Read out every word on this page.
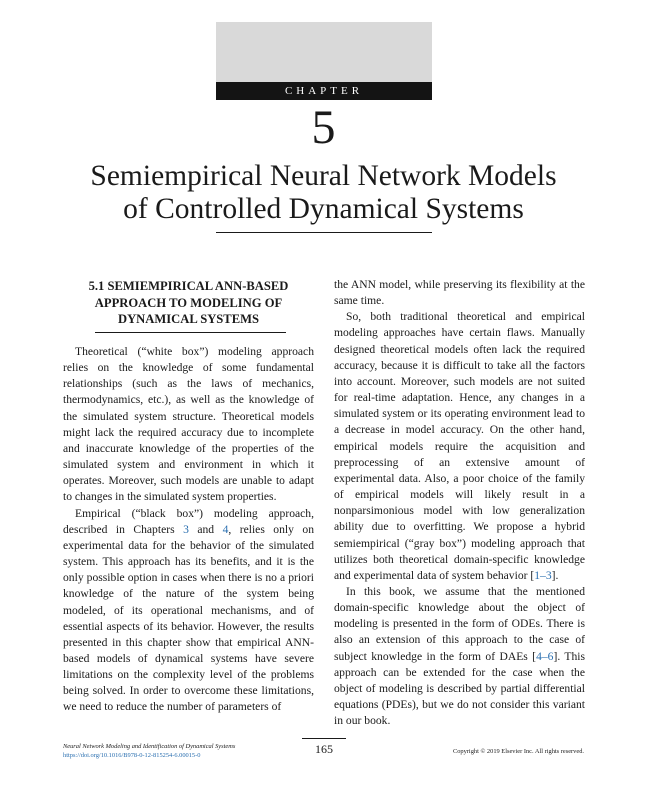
CHAPTER
5
Semiempirical Neural Network Models
of Controlled Dynamical Systems
5.1 SEMIEMPIRICAL ANN-BASED
APPROACH TO MODELING OF
DYNAMICAL SYSTEMS

Theoretical (“white box”) modeling approach relies on the knowledge of some fundamental relationships (such as the laws of mechanics, thermodynamics, etc.), as well as the knowledge of the simulated system structure. Theoretical models might lack the required accuracy due to incomplete and inaccurate knowledge of the properties of the simulated system and environment in which it operates. Moreover, such models are unable to adapt to changes in the simulated system properties.

Empirical (“black box”) modeling approach, described in Chapters 3 and 4, relies only on experimental data for the behavior of the simulated system. This approach has its benefits, and it is the only possible option in cases when there is no a priori knowledge of the nature of the system being modeled, of its operational mechanisms, and of essential aspects of its behavior. However, the results presented in this chapter show that empirical ANN-based models of dynamical systems have severe limitations on the complexity level of the problems being solved. In order to overcome these limitations, we need to reduce the number of parameters of

the ANN model, while preserving its flexibility at the same time.

So, both traditional theoretical and empirical modeling approaches have certain flaws. Manually designed theoretical models often lack the required accuracy, because it is difficult to take all the factors into account. Moreover, such models are not suited for real-time adaptation. Hence, any changes in a simulated system or its operating environment lead to a decrease in model accuracy. On the other hand, empirical models require the acquisition and preprocessing of an extensive amount of experimental data. Also, a poor choice of the family of empirical models will likely result in a nonparsimonious model with low generalization ability due to overfitting. We propose a hybrid semiempirical (“gray box”) modeling approach that utilizes both theoretical domain-specific knowledge and experimental data of system behavior [1–3].

In this book, we assume that the mentioned domain-specific knowledge about the object of modeling is presented in the form of ODEs. There is also an extension of this approach to the case of subject knowledge in the form of DAEs [4–6]. This approach can be extended for the case when the object of modeling is described by partial differential equations (PDEs), but we do not consider this variant in our book.

Neural Network Modeling and Identification of Dynamical Systems
https://doi.org/10.1016/B978-0-12-815254-6.00015-0	165	Copyright © 2019 Elsevier Inc. All rights reserved.
